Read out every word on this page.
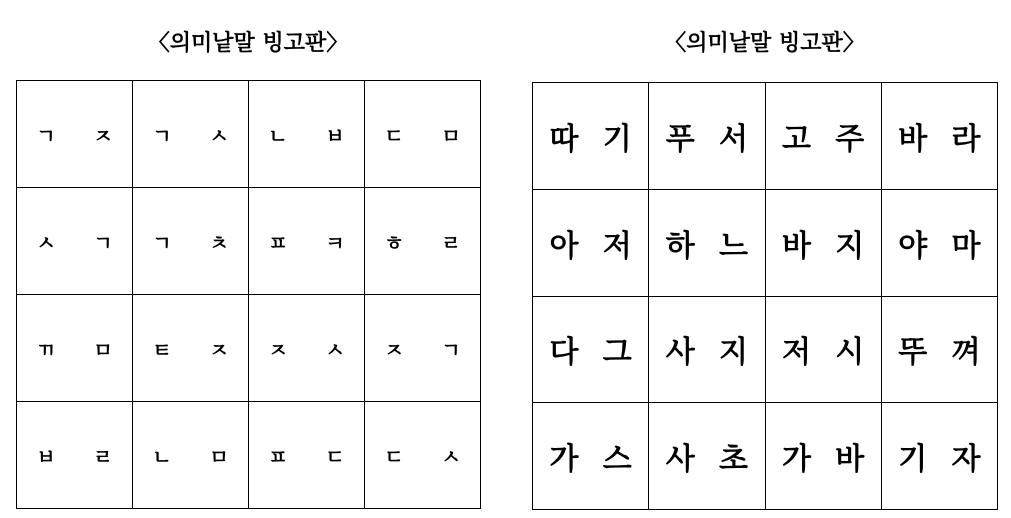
〈의미낱말 빙고판〉	〈의미낱말 빙고판〉
ㄱ ㅈ ㄱ ㅅ ㄴ ㅂ ㄷ ㅁ
ㅅ ㄱ ㄱ ㅊ ㅍ ㅋ ㅎ ㄹ
ㄲ ㅁ ㅌ ㅈ ㅈ ㅅ ㅈ ㄱ
ㅂ ㄹ ㄴ ㅁ ㅍ ㄷ ㄷ ㅅ
따 기 푸 서 고 주 바 라
아 저 하 느 바 지 야 마
다 그 사 지 저 시 뚜 껴
가 스 사 초 가 바 기 자
